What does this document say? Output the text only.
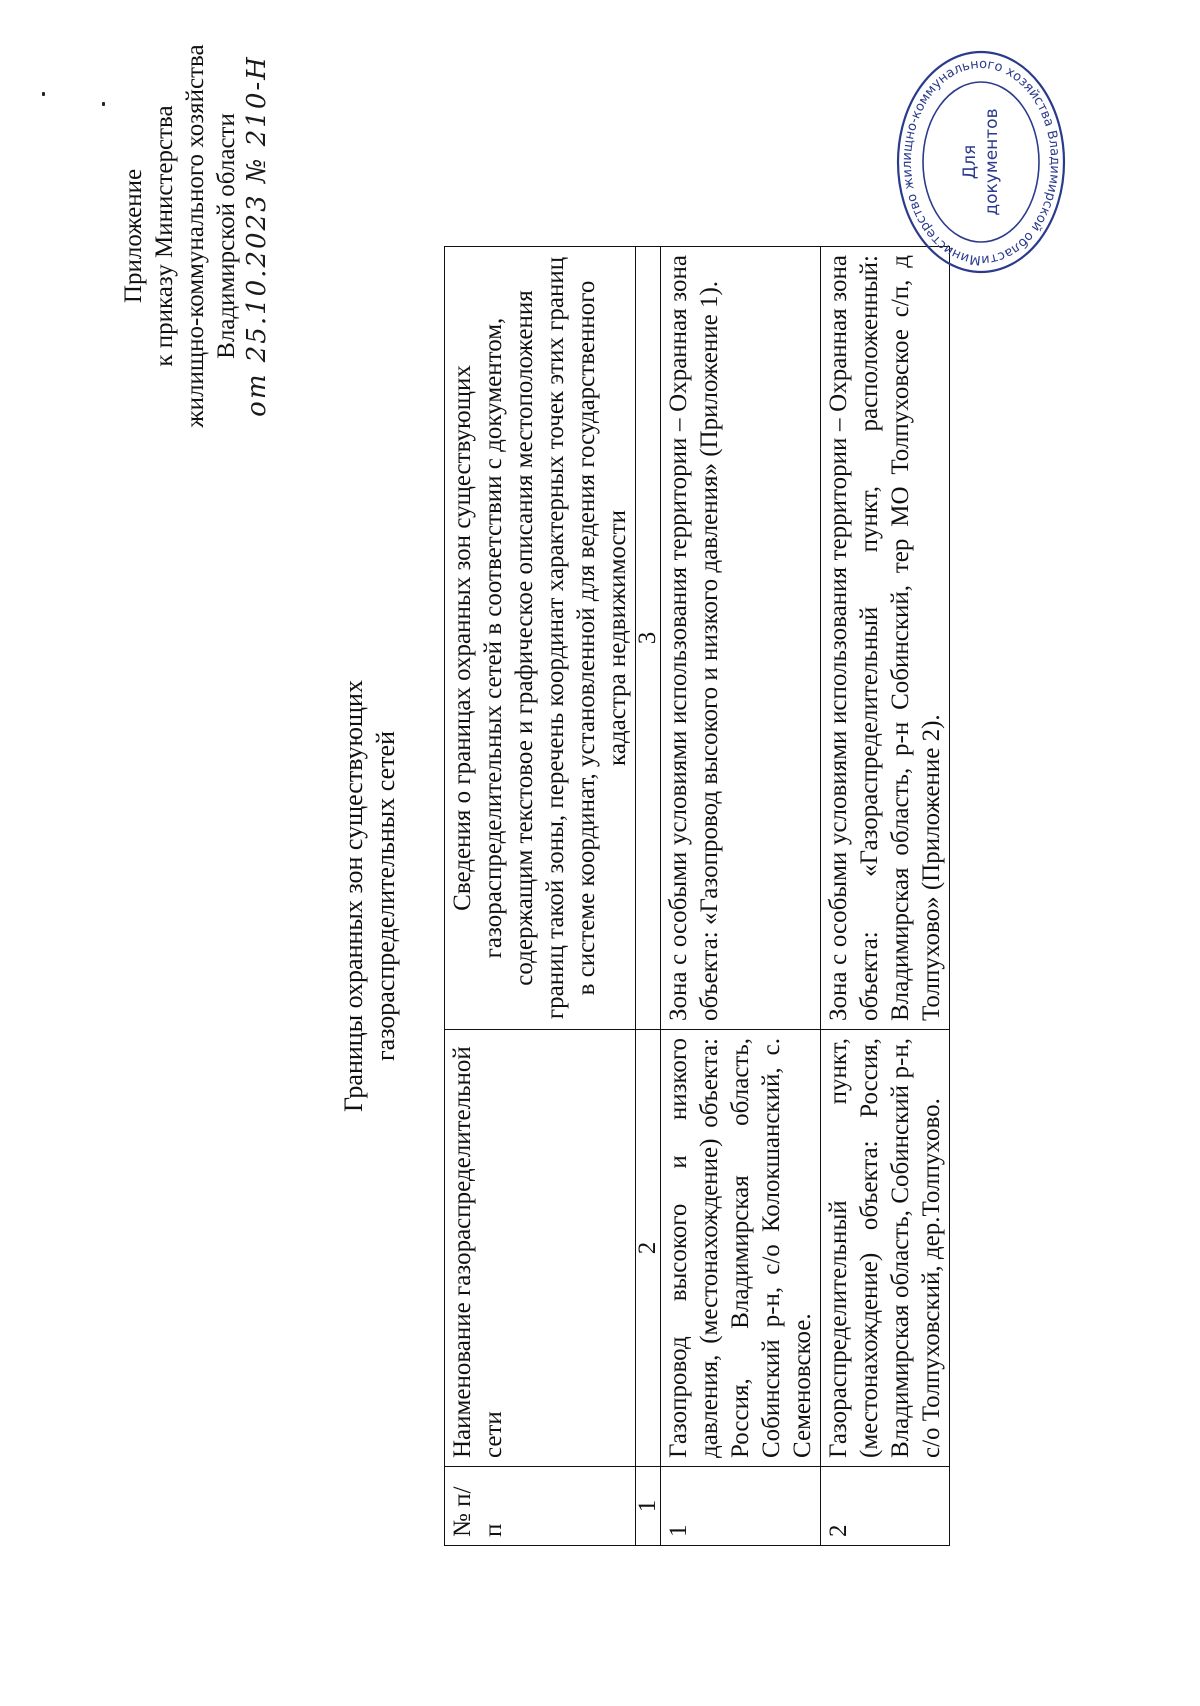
Приложение к приказу Министерства жилищно-коммунального хозяйства Владимирской области от 25.10.2023 № 210-Н
Границы охранных зон существующих газораспределительных сетей
№ п/п	Наименование газораспределительной сети	Сведения о границах охранных зон существующих газораспределительных сетей в соответствии с документом, содержащим текстовое и графическое описания местоположения границ такой зоны, перечень координат характерных точек этих границ в системе координат, установленной для ведения государственного кадастра недвижимости
1	2	3
1	Газопровод высокого и низкого давления, (местонахождение) объекта: Россия, Владимирская область, Собинский р-н, с/о Колокшанский, с. Семеновское.	Зона с особыми условиями использования территории – Охранная зона объекта: «Газопровод высокого и низкого давления» (Приложение 1).
2	Газораспределительный пункт, (местонахождение) объекта: Россия, Владимирская область, Собинский р-н, с/о Толпуховский, дер.Толпухово.	Зона с особыми условиями использования территории – Охранная зона объекта: «Газораспределительный пункт, расположенный: Владимирская область, р-н Собинский, тер МО Толпуховское с/п, д Толпухово» (Приложение 2).
Министерство жилищно-коммунального хозяйства Владимирской области
Для документов
